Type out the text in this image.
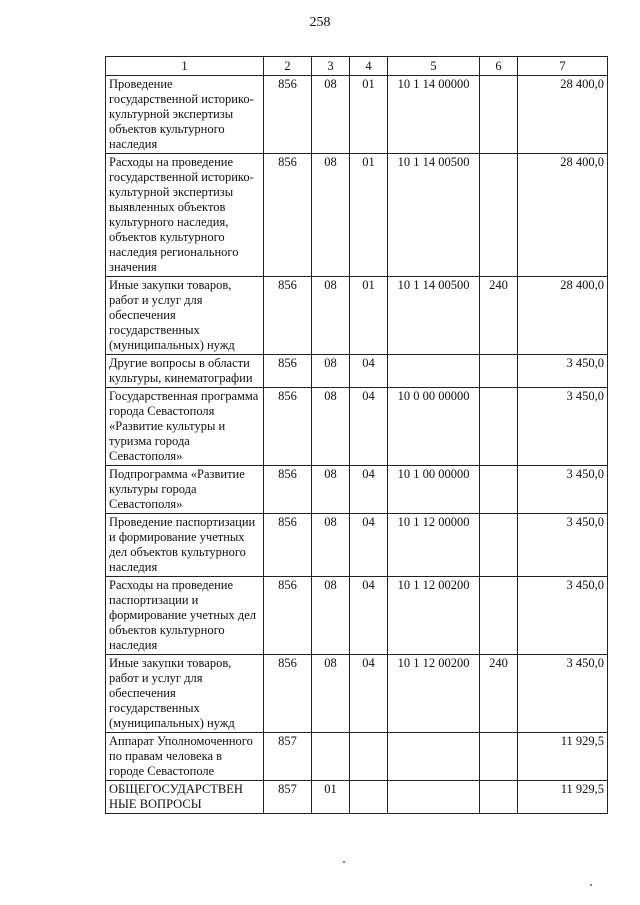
258
1	2	3	4	5	6	7
Проведение государственной историко-культурной экспертизы объектов культурного наследия	856	08	01	10 1 14 00000		28 400,0
Расходы на проведение государственной историко-культурной экспертизы выявленных объектов культурного наследия, объектов культурного наследия регионального значения	856	08	01	10 1 14 00500		28 400,0
Иные закупки товаров, работ и услуг для обеспечения государственных (муниципальных) нужд	856	08	01	10 1 14 00500	240	28 400,0
Другие вопросы в области культуры, кинематографии	856	08	04			3 450,0
Государственная программа города Севастополя «Развитие культуры и туризма города Севастополя»	856	08	04	10 0 00 00000		3 450,0
Подпрограмма «Развитие культуры города Севастополя»	856	08	04	10 1 00 00000		3 450,0
Проведение паспортизации и формирование учетных дел объектов культурного наследия	856	08	04	10 1 12 00000		3 450,0
Расходы на проведение паспортизации и формирование учетных дел объектов культурного наследия	856	08	04	10 1 12 00200		3 450,0
Иные закупки товаров, работ и услуг для обеспечения государственных (муниципальных) нужд	856	08	04	10 1 12 00200	240	3 450,0
Аппарат Уполномоченного по правам человека в городе Севастополе	857					11 929,5
ОБЩЕГОСУДАРСТВЕН НЫЕ ВОПРОСЫ	857	01				11 929,5
